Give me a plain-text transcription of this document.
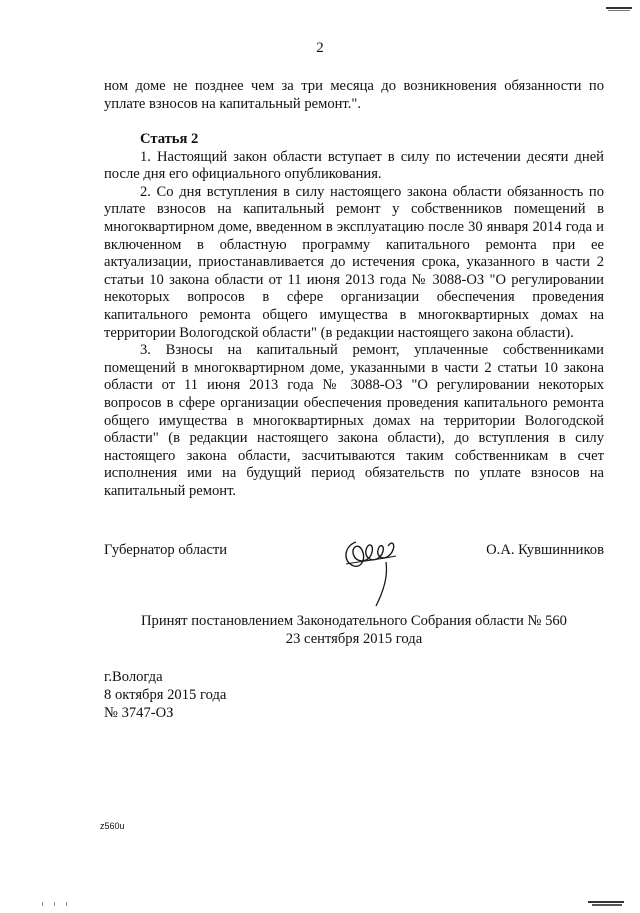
2

ном доме не позднее чем за три месяца до возникновения обязанности по уплате взносов на капитальный ремонт.".

Статья 2

1. Настоящий закон области вступает в силу по истечении десяти дней после дня его официального опубликования.

2. Со дня вступления в силу настоящего закона области обязанность по уплате взносов на капитальный ремонт у собственников помещений в многоквартирном доме, введенном в эксплуатацию после 30 января 2014 года и включенном в областную программу капитального ремонта при ее актуализации, приостанавливается до истечения срока, указанного в части 2 статьи 10 закона области от 11 июня 2013 года № 3088-ОЗ "О регулировании некоторых вопросов в сфере организации обеспечения проведения капитального ремонта общего имущества в многоквартирных домах на территории Вологодской области" (в редакции настоящего закона области).

3. Взносы на капитальный ремонт, уплаченные собственниками помещений в многоквартирном доме, указанными в части 2 статьи 10 закона области от 11 июня 2013 года № 3088-ОЗ "О регулировании некоторых вопросов в сфере организации обеспечения проведения капитального ремонта общего имущества в многоквартирных домах на территории Вологодской области" (в редакции настоящего закона области), до вступления в силу настоящего закона области, засчитываются таким собственникам в счет исполнения ими на будущий период обязательств по уплате взносов на капитальный ремонт.

Губернатор области	О.А. Кувшинников
Принят постановлением Законодательного Собрания области № 560
23 сентября 2015 года
г.Вологда
8 октября 2015 года
№ 3747-ОЗ
z560u
